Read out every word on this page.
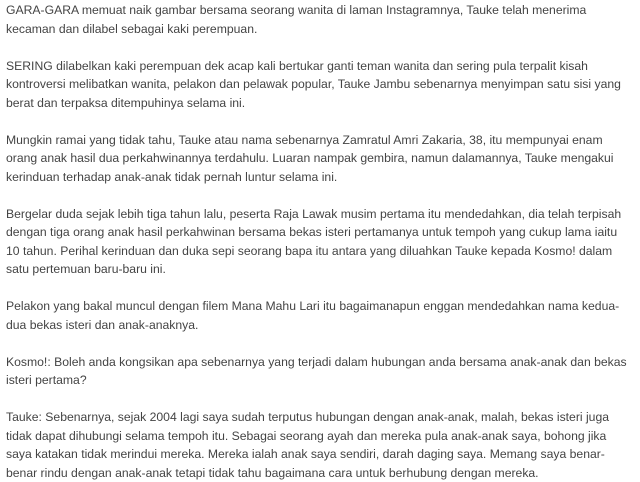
GARA-GARA memuat naik gambar bersama seorang wanita di laman Instagramnya, Tauke telah menerima kecaman dan dilabel sebagai kaki perempuan.

SERING dilabelkan kaki perempuan dek acap kali bertukar ganti teman wanita dan sering pula terpalit kisah kontroversi melibatkan wanita, pelakon dan pelawak popular, Tauke Jambu sebenarnya menyimpan satu sisi yang berat dan terpaksa ditempuhinya selama ini.

Mungkin ramai yang tidak tahu, Tauke atau nama sebenarnya Zamratul Amri Zakaria, 38, itu mempunyai enam orang anak hasil dua perkahwinannya terdahulu. Luaran nampak gembira, namun dalamannya, Tauke mengakui kerinduan terhadap anak-anak tidak pernah luntur selama ini.

Bergelar duda sejak lebih tiga tahun lalu, peserta Raja Lawak musim pertama itu mendedahkan, dia telah terpisah dengan tiga orang anak hasil perkahwinan bersama bekas isteri pertamanya untuk tempoh yang cukup lama iaitu 10 tahun. Perihal kerinduan dan duka sepi seorang bapa itu antara yang diluahkan Tauke kepada Kosmo! dalam satu pertemuan baru-baru ini.

Pelakon yang bakal muncul dengan filem Mana Mahu Lari itu bagaimanapun enggan mendedahkan nama kedua-dua bekas isteri dan anak-anaknya.

Kosmo!: Boleh anda kongsikan apa sebenarnya yang terjadi dalam hubungan anda bersama anak-anak dan bekas isteri pertama?

Tauke: Sebenarnya, sejak 2004 lagi saya sudah terputus hubungan dengan anak-anak, malah, bekas isteri juga tidak dapat dihubungi selama tempoh itu. Sebagai seorang ayah dan mereka pula anak-anak saya, bohong jika saya katakan tidak merindui mereka. Mereka ialah anak saya sendiri, darah daging saya. Memang saya benar-benar rindu dengan anak-anak tetapi tidak tahu bagaimana cara untuk berhubung dengan mereka.
